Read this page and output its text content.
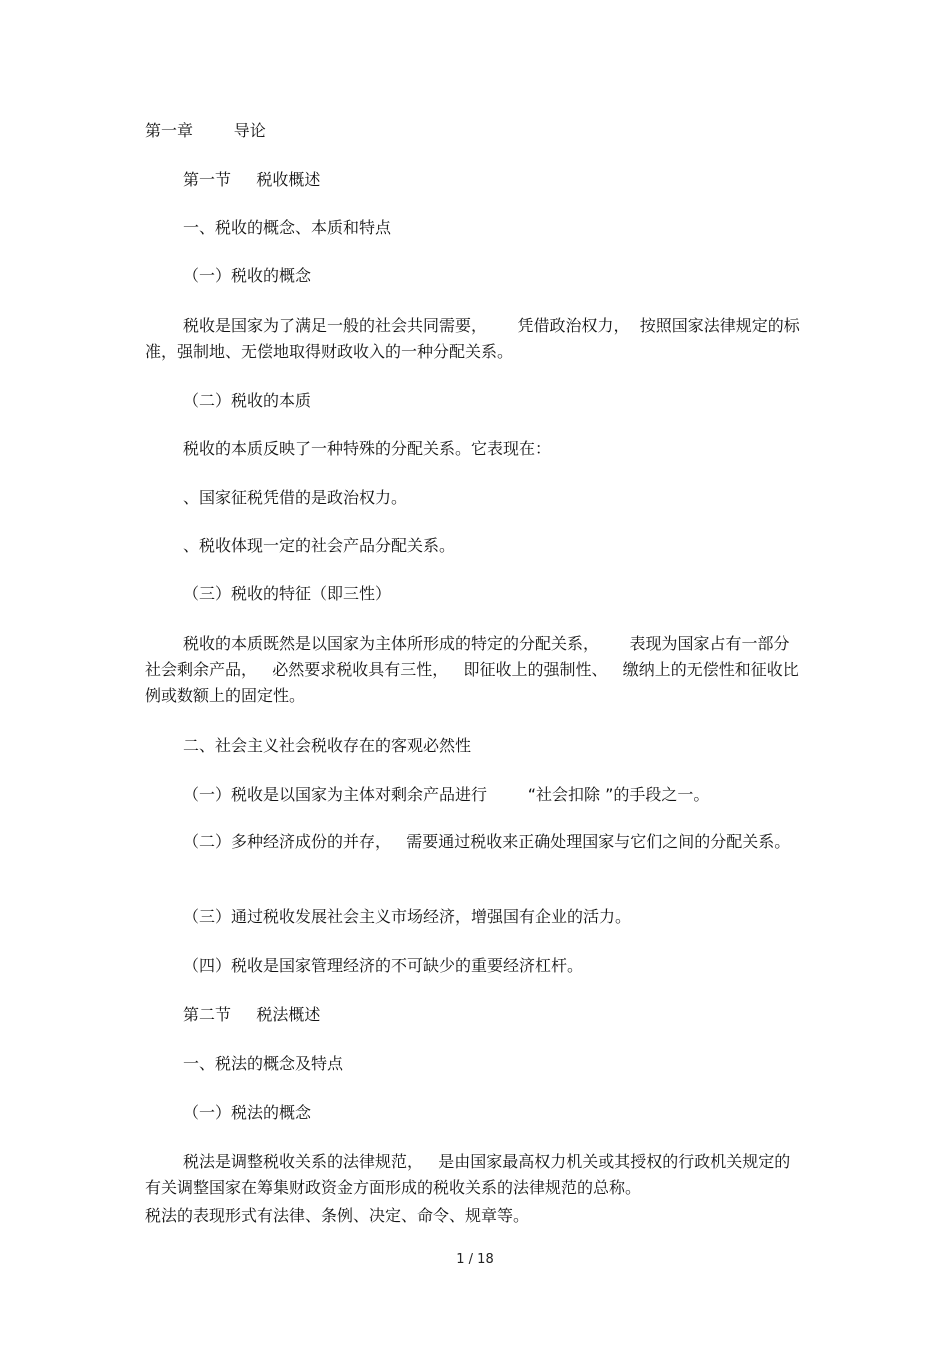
第一章        导论
第一节     税收概述
一、税收的概念、本质和特点
（一）税收的概念
税收是国家为了满足一般的社会共同需要，      凭借政治权力，  按照国家法律规定的标准，强制地、无偿地取得财政收入的一种分配关系。
（二）税收的本质
税收的本质反映了一种特殊的分配关系。它表现在：
、国家征税凭借的是政治权力。
、税收体现一定的社会产品分配关系。
（三）税收的特征（即三性）
税收的本质既然是以国家为主体所形成的特定的分配关系，      表现为国家占有一部分社会剩余产品，   必然要求税收具有三性，   即征收上的强制性、   缴纳上的无偿性和征收比例或数额上的固定性。
二、社会主义社会税收存在的客观必然性
（一）税收是以国家为主体对剩余产品进行        “社会扣除 ”的手段之一。
（二）多种经济成份的并存，   需要通过税收来正确处理国家与它们之间的分配关系。
（三）通过税收发展社会主义市场经济，增强国有企业的活力。
（四）税收是国家管理经济的不可缺少的重要经济杠杆。
第二节     税法概述
一、税法的概念及特点
（一）税法的概念
税法是调整税收关系的法律规范，   是由国家最高权力机关或其授权的行政机关规定的有关调整国家在筹集财政资金方面形成的税收关系的法律规范的总称。
税法的表现形式有法律、条例、决定、命令、规章等。
1 / 18
